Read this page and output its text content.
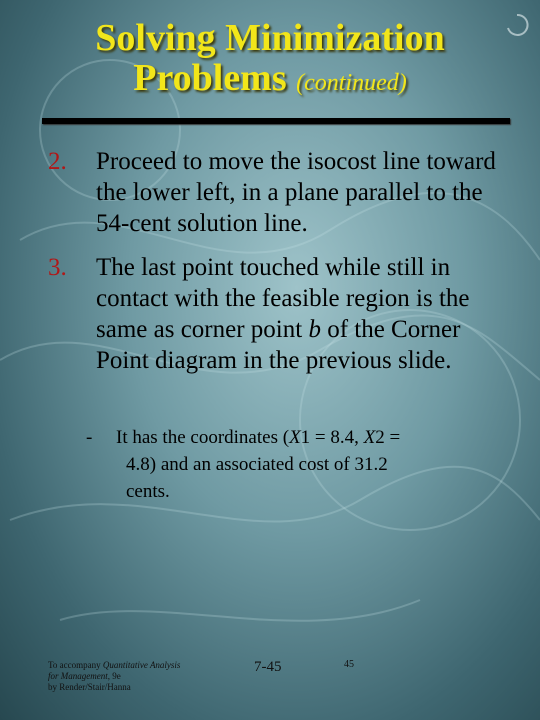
Solving Minimization
Problems (continued)
2. Proceed to move the isocost line toward the lower left, in a plane parallel to the 54-cent solution line.
3. The last point touched while still in contact with the feasible region is the same as corner point b of the Corner Point diagram in the previous slide.
- It has the coordinates (X1 = 8.4, X2 =
4.8) and an associated cost of 31.2
cents.
To accompany Quantitative Analysis
for Management, 9e
by Render/Stair/Hanna
7-45	45
